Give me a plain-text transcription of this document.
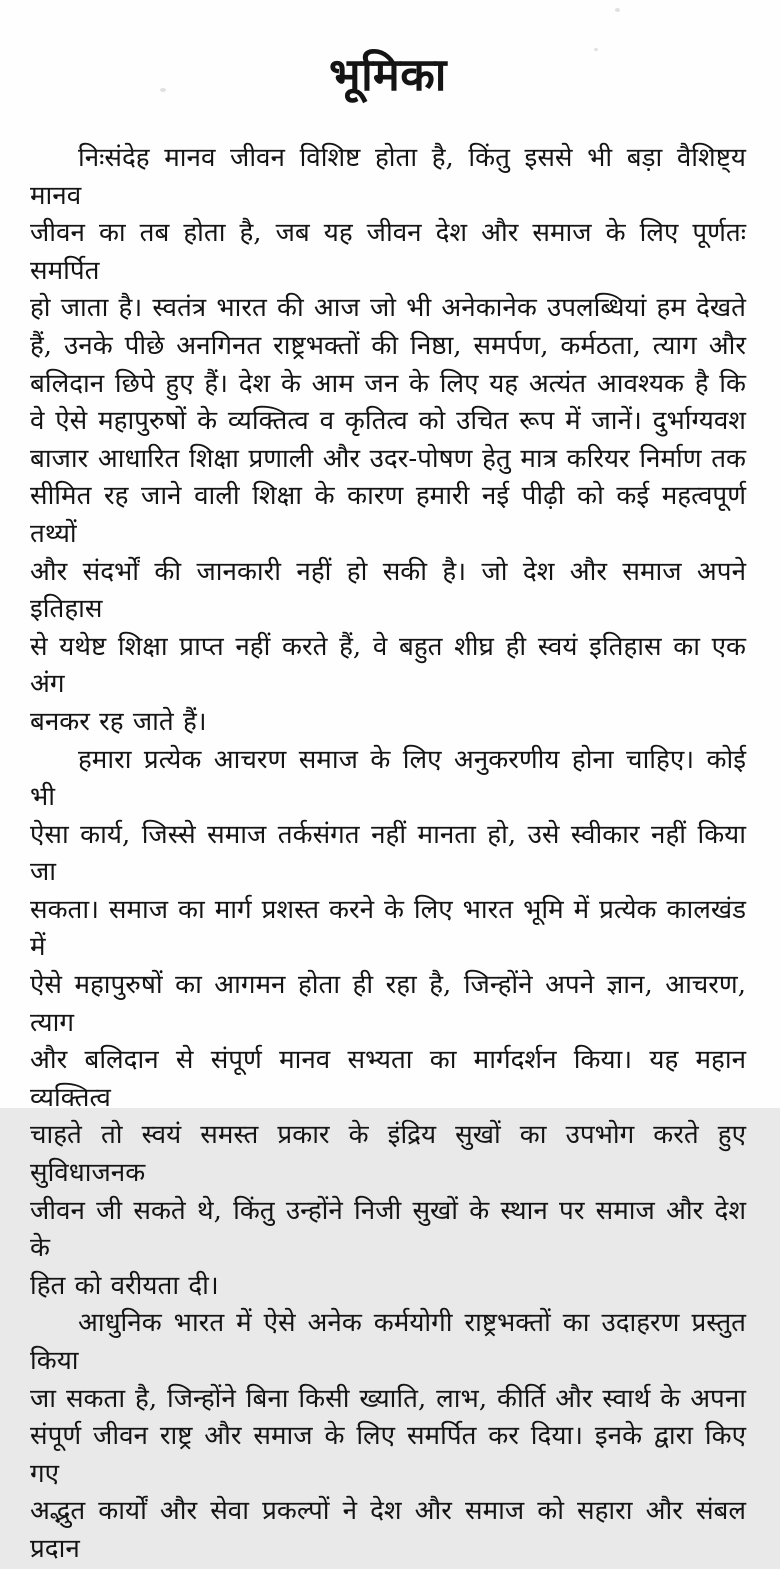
भूमिका
निःसंदेह मानव जीवन विशिष्ट होता है, किंतु इससे भी बड़ा वैशिष्ट्य मानव
जीवन का तब होता है, जब यह जीवन देश और समाज के लिए पूर्णतः समर्पित
हो जाता है। स्वतंत्र भारत की आज जो भी अनेकानेक उपलब्धियां हम देखते
हैं, उनके पीछे अनगिनत राष्ट्रभक्तों की निष्ठा, समर्पण, कर्मठता, त्याग और
बलिदान छिपे हुए हैं। देश के आम जन के लिए यह अत्यंत आवश्यक है कि
वे ऐसे महापुरुषों के व्यक्तित्व व कृतित्व को उचित रूप में जानें। दुर्भाग्यवश
बाजार आधारित शिक्षा प्रणाली और उदर-पोषण हेतु मात्र करियर निर्माण तक
सीमित रह जाने वाली शिक्षा के कारण हमारी नई पीढ़ी को कई महत्वपूर्ण तथ्यों
और संदर्भों की जानकारी नहीं हो सकी है। जो देश और समाज अपने इतिहास
से यथेष्ट शिक्षा प्राप्त नहीं करते हैं, वे बहुत शीघ्र ही स्वयं इतिहास का एक अंग
बनकर रह जाते हैं।
हमारा प्रत्येक आचरण समाज के लिए अनुकरणीय होना चाहिए। कोई भी
ऐसा कार्य, जिस्से समाज तर्कसंगत नहीं मानता हो, उसे स्वीकार नहीं किया जा
सकता। समाज का मार्ग प्रशस्त करने के लिए भारत भूमि में प्रत्येक कालखंड में
ऐसे महापुरुषों का आगमन होता ही रहा है, जिन्होंने अपने ज्ञान, आचरण, त्याग
और बलिदान से संपूर्ण मानव सभ्यता का मार्गदर्शन किया। यह महान व्यक्तित्व
चाहते तो स्वयं समस्त प्रकार के इंद्रिय सुखों का उपभोग करते हुए सुविधाजनक
जीवन जी सकते थे, किंतु उन्होंने निजी सुखों के स्थान पर समाज और देश के
हित को वरीयता दी।
आधुनिक भारत में ऐसे अनेक कर्मयोगी राष्ट्रभक्तों का उदाहरण प्रस्तुत किया
जा सकता है, जिन्होंने बिना किसी ख्याति, लाभ, कीर्ति और स्वार्थ के अपना
संपूर्ण जीवन राष्ट्र और समाज के लिए समर्पित कर दिया। इनके द्वारा किए गए
अद्भुत कार्यों और सेवा प्रकल्पों ने देश और समाज को सहारा और संबल प्रदान
